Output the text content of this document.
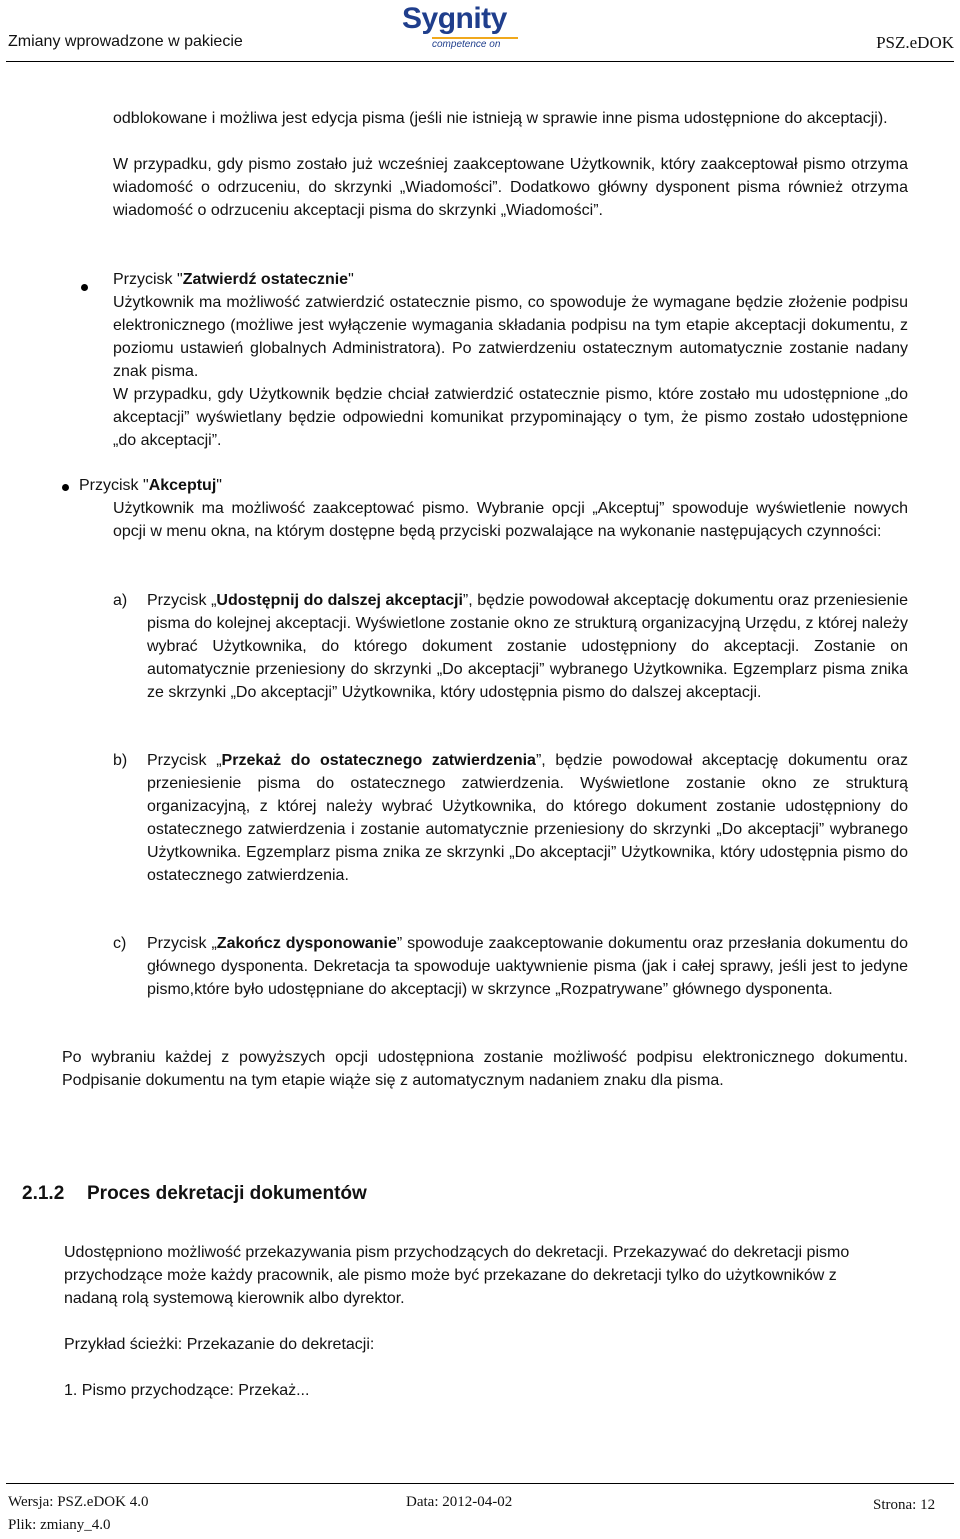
Zmiany wprowadzone w pakiecie
Sygnity
competence on	PSZ.eDOK

odblokowane i możliwa jest edycja pisma (jeśli nie istnieją w sprawie inne pisma udostępnione do akceptacji).

W przypadku, gdy pismo zostało już wcześniej zaakceptowane Użytkownik, który zaakceptował pismo otrzyma wiadomość o odrzuceniu, do skrzynki „Wiadomości”. Dodatkowo główny dysponent pisma również otrzyma wiadomość o odrzuceniu akceptacji pisma do skrzynki „Wiadomości”.

Przycisk "Zatwierdź ostatecznie"

Użytkownik ma możliwość zatwierdzić ostatecznie pismo, co spowoduje że wymagane będzie złożenie podpisu elektronicznego (możliwe jest wyłączenie wymagania składania podpisu na tym etapie akceptacji dokumentu, z poziomu ustawień globalnych Administratora). Po zatwierdzeniu ostatecznym automatycznie zostanie nadany znak pisma.

W przypadku, gdy Użytkownik będzie chciał zatwierdzić ostatecznie pismo, które zostało mu udostępnione „do akceptacji” wyświetlany będzie odpowiedni komunikat przypominający o tym, że pismo zostało udostępnione „do akceptacji”.

Przycisk "Akceptuj"

Użytkownik ma możliwość zaakceptować pismo. Wybranie opcji „Akceptuj” spowoduje wyświetlenie nowych opcji w menu okna, na którym dostępne będą przyciski pozwalające na wykonanie następujących czynności:

a) Przycisk „Udostępnij do dalszej akceptacji”, będzie powodował akceptację dokumentu oraz przeniesienie pisma do kolejnej akceptacji. Wyświetlone zostanie okno ze strukturą organizacyjną Urzędu, z której należy wybrać Użytkownika, do którego dokument zostanie udostępniony do akceptacji. Zostanie on automatycznie przeniesiony do skrzynki „Do akceptacji” wybranego Użytkownika. Egzemplarz pisma znika ze skrzynki „Do akceptacji” Użytkownika, który udostępnia pismo do dalszej akceptacji.

b) Przycisk „Przekaż do ostatecznego zatwierdzenia”, będzie powodował akceptację dokumentu oraz przeniesienie pisma do ostatecznego zatwierdzenia. Wyświetlone zostanie okno ze strukturą organizacyjną, z której należy wybrać Użytkownika, do którego dokument zostanie udostępniony do ostatecznego zatwierdzenia i zostanie automatycznie przeniesiony do skrzynki „Do akceptacji” wybranego Użytkownika. Egzemplarz pisma znika ze skrzynki „Do akceptacji” Użytkownika, który udostępnia pismo do ostatecznego zatwierdzenia.

c) Przycisk „Zakończ dysponowanie” spowoduje zaakceptowanie dokumentu oraz przesłania dokumentu do głównego dysponenta. Dekretacja ta spowoduje uaktywnienie pisma (jak i całej sprawy, jeśli jest to jedyne pismo,które było udostępniane do akceptacji) w skrzynce „Rozpatrywane” głównego dysponenta.

Po wybraniu każdej z powyższych opcji udostępniona zostanie możliwość podpisu elektronicznego dokumentu. Podpisanie dokumentu na tym etapie wiąże się z automatycznym nadaniem znaku dla pisma.

2.1.2 Proces dekretacji dokumentów

Udostępniono możliwość przekazywania pism przychodzących do dekretacji. Przekazywać do dekretacji pismo przychodzące może każdy pracownik, ale pismo może być przekazane do dekretacji tylko do użytkowników z nadaną rolą systemową kierownik albo dyrektor.

Przykład ścieżki: Przekazanie do dekretacji:

1. Pismo przychodzące: Przekaż...

Wersja: PSZ.eDOK 4.0	Data: 2012-04-02	Strona: 12
Plik: zmiany_4.0
